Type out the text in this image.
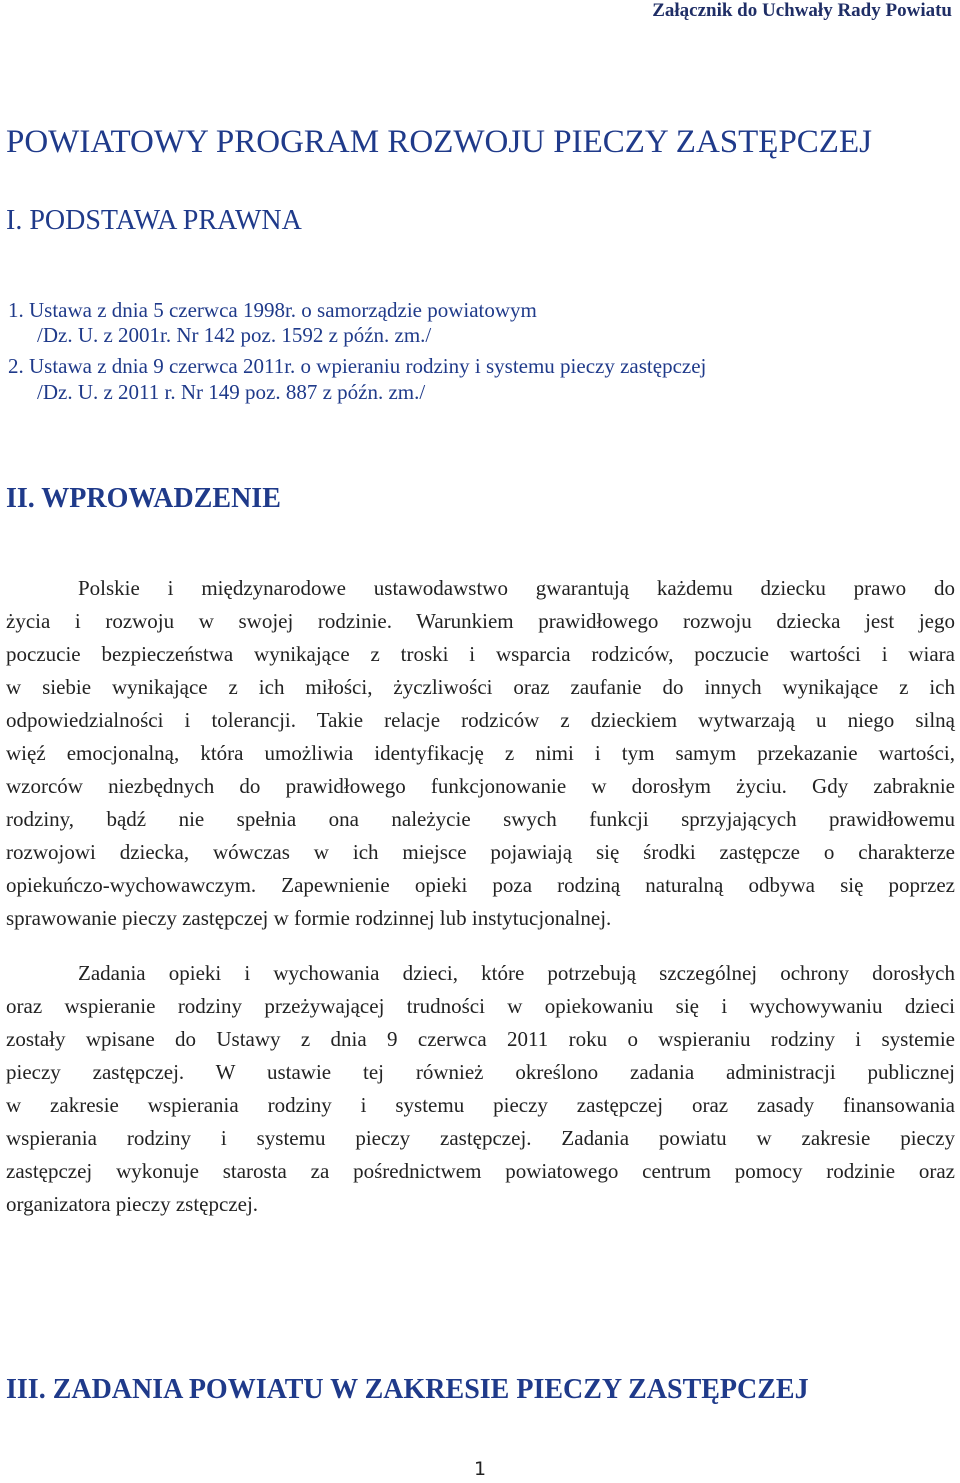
Załącznik do Uchwały Rady Powiatu

POWIATOWY PROGRAM ROZWOJU PIECZY ZASTĘPCZEJ
I. PODSTAWA PRAWNA

1. Ustawa z dnia 5 czerwca 1998r. o samorządzie powiatowym

/Dz. U. z 2001r. Nr 142 poz. 1592 z późn. zm./

2. Ustawa z dnia 9 czerwca 2011r. o wpieraniu rodziny i systemu pieczy zastępczej

/Dz. U. z 2011 r. Nr 149 poz. 887 z późn. zm./

II. WPROWADZENIE
Polskie i międzynarodowe ustawodawstwo gwarantują każdemu dziecku prawo do
życia i rozwoju w swojej rodzinie. Warunkiem prawidłowego rozwoju dziecka jest jego
poczucie bezpieczeństwa wynikające z troski i wsparcia rodziców, poczucie wartości i wiara
w siebie wynikające z ich miłości, życzliwości oraz zaufanie do innych wynikające z ich
odpowiedzialności i tolerancji. Takie relacje rodziców z dzieckiem wytwarzają u niego silną
więź emocjonalną, która umożliwia identyfikację z nimi i tym samym przekazanie wartości,
wzorców niezbędnych do prawidłowego funkcjonowanie w dorosłym życiu. Gdy zabraknie
rodziny, bądź nie spełnia ona należycie swych funkcji sprzyjających prawidłowemu
rozwojowi dziecka, wówczas w ich miejsce pojawiają się środki zastępcze o charakterze
opiekuńczo-wychowawczym. Zapewnienie opieki poza rodziną naturalną odbywa się poprzez
sprawowanie pieczy zastępczej w formie rodzinnej lub instytucjonalnej.
Zadania opieki i wychowania dzieci, które potrzebują szczególnej ochrony dorosłych
oraz wspieranie rodziny przeżywającej trudności w opiekowaniu się i wychowywaniu dzieci
zostały wpisane do Ustawy z dnia 9 czerwca 2011 roku o wspieraniu rodziny i systemie
pieczy zastępczej. W ustawie tej również określono zadania administracji publicznej
w zakresie wspierania rodziny i systemu pieczy zastępczej oraz zasady finansowania
wspierania rodziny i systemu pieczy zastępczej. Zadania powiatu w zakresie pieczy
zastępczej wykonuje starosta za pośrednictwem powiatowego centrum pomocy rodzinie oraz
organizatora pieczy zstępczej.
III. ZADANIA POWIATU W ZAKRESIE PIECZY ZASTĘPCZEJ
1
